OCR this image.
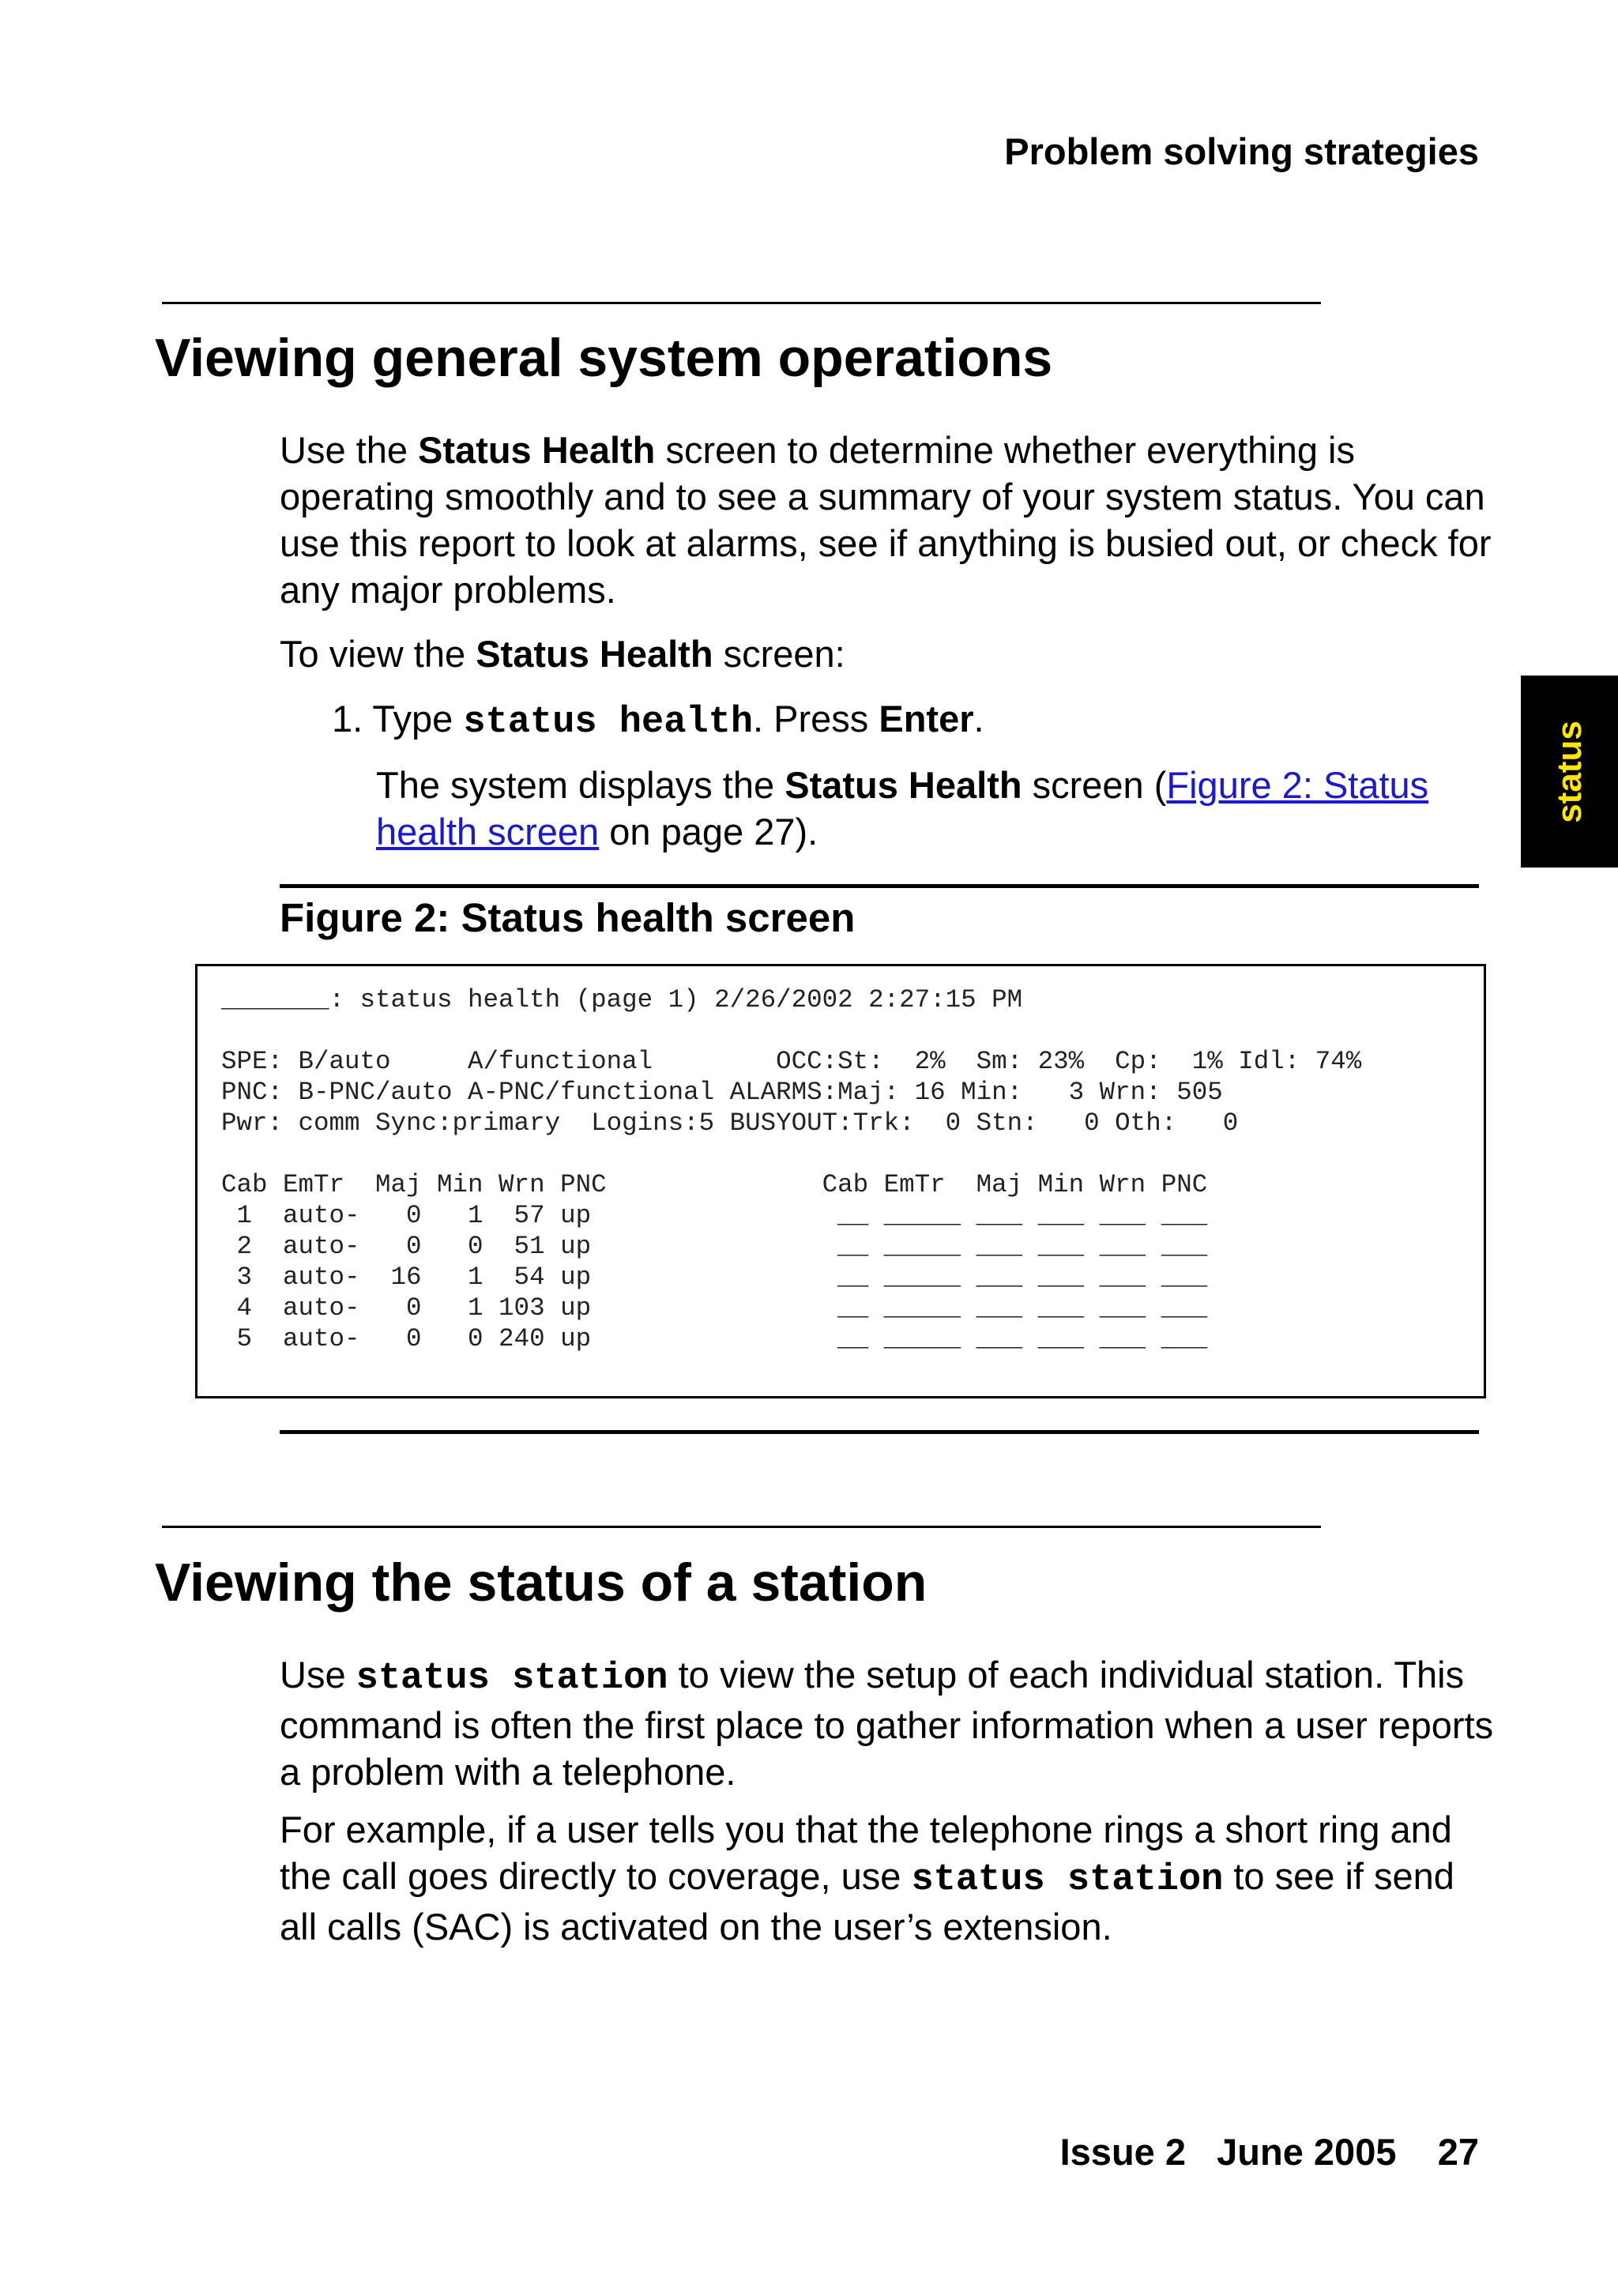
Problem solving strategies
status
Viewing general system operations

Use the Status Health screen to determine whether everything is operating smoothly and to see a summary of your system status. You can use this report to look at alarms, see if anything is busied out, or check for any major problems.

To view the Status Health screen:

1. Type status health. Press Enter.
The system displays the Status Health screen (Figure 2: Status health screen on page 27).
Figure 2: Status health screen
_______: status health (page 1) 2/26/2002 2:27:15 PM

SPE: B/auto     A/functional        OCC:St:  2%  Sm: 23%  Cp:  1% Idl: 74%
PNC: B-PNC/auto A-PNC/functional ALARMS:Maj: 16 Min:   3 Wrn: 505
Pwr: comm Sync:primary  Logins:5 BUSYOUT:Trk:  0 Stn:   0 Oth:   0

Cab EmTr  Maj Min Wrn PNC              Cab EmTr  Maj Min Wrn PNC
1  auto-   0   1  57 up                __ _____ ___ ___ ___ ___
2  auto-   0   0  51 up                __ _____ ___ ___ ___ ___
3  auto-  16   1  54 up                __ _____ ___ ___ ___ ___
4  auto-   0   1 103 up                __ _____ ___ ___ ___ ___
5  auto-   0   0 240 up                __ _____ ___ ___ ___ ___
Viewing the status of a station

Use status station to view the setup of each individual station. This command is often the first place to gather information when a user reports a problem with a telephone.

For example, if a user tells you that the telephone rings a short ring and the call goes directly to coverage, use status station to see if send all calls (SAC) is activated on the user’s extension.

Issue 2   June 2005    27
